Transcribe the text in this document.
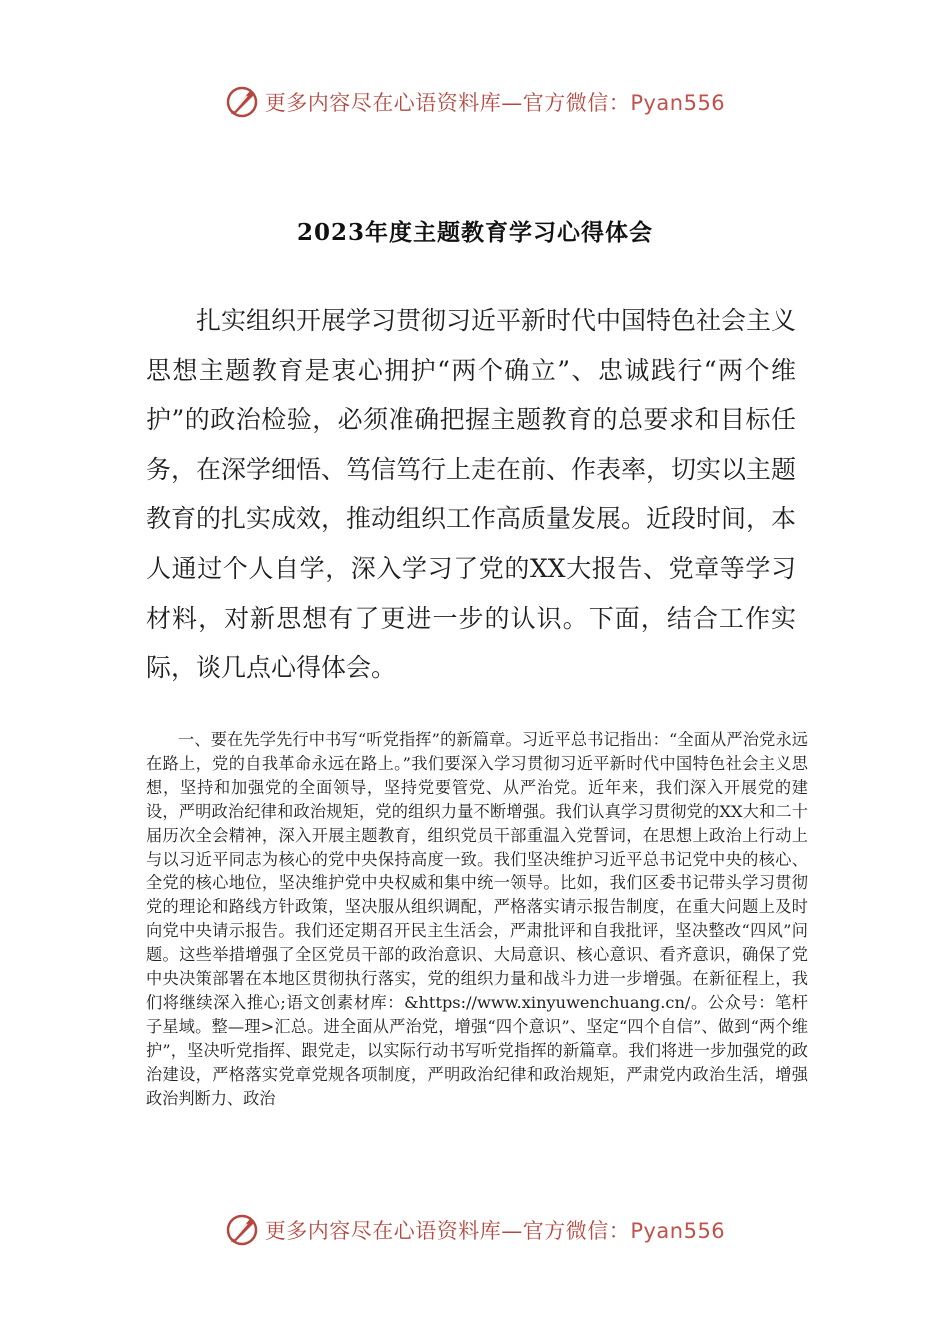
更多内容尽在心语资料库—官方微信：Pyan556
2023年度主题教育学习心得体会

扎实组织开展学习贯彻习近平新时代中国特色社会主义思想主题教育是衷心拥护“两个确立”、忠诚践行“两个维护”的政治检验，必须准确把握主题教育的总要求和目标任务，在深学细悟、笃信笃行上走在前、作表率，切实以主题教育的扎实成效，推动组织工作高质量发展。近段时间，本人通过个人自学，深入学习了党的XX大报告、党章等学习材料，对新思想有了更进一步的认识。下面，结合工作实际，谈几点心得体会。

一、要在先学先行中书写“听党指挥”的新篇章。习近平总书记指出：“全面从严治党永远在路上，党的自我革命永远在路上。”我们要深入学习贯彻习近平新时代中国特色社会主义思想，坚持和加强党的全面领导，坚持党要管党、从严治党。近年来，我们深入开展党的建设，严明政治纪律和政治规矩，党的组织力量不断增强。我们认真学习贯彻党的XX大和二十届历次全会精神，深入开展主题教育，组织党员干部重温入党誓词，在思想上政治上行动上与以习近平同志为核心的党中央保持高度一致。我们坚决维护习近平总书记党中央的核心、全党的核心地位，坚决维护党中央权威和集中统一领导。比如，我们区委书记带头学习贯彻党的理论和路线方针政策，坚决服从组织调配，严格落实请示报告制度，在重大问题上及时向党中央请示报告。我们还定期召开民主生活会，严肃批评和自我批评，坚决整改“四风”问题。这些举措增强了全区党员干部的政治意识、大局意识、核心意识、看齐意识，确保了党中央决策部署在本地区贯彻执行落实，党的组织力量和战斗力进一步增强。在新征程上，我们将继续深入推心;语文创素材库：&https://www.xinyuwenchuang.cn/。公众号：笔杆子星域。整—理>汇总。进全面从严治党，增强“四个意识”、坚定“四个自信”、做到“两个维护”，坚决听党指挥、跟党走，以实际行动书写听党指挥的新篇章。我们将进一步加强党的政治建设，严格落实党章党规各项制度，严明政治纪律和政治规矩，严肃党内政治生活，增强政治判断力、政治

更多内容尽在心语资料库—官方微信：Pyan556
